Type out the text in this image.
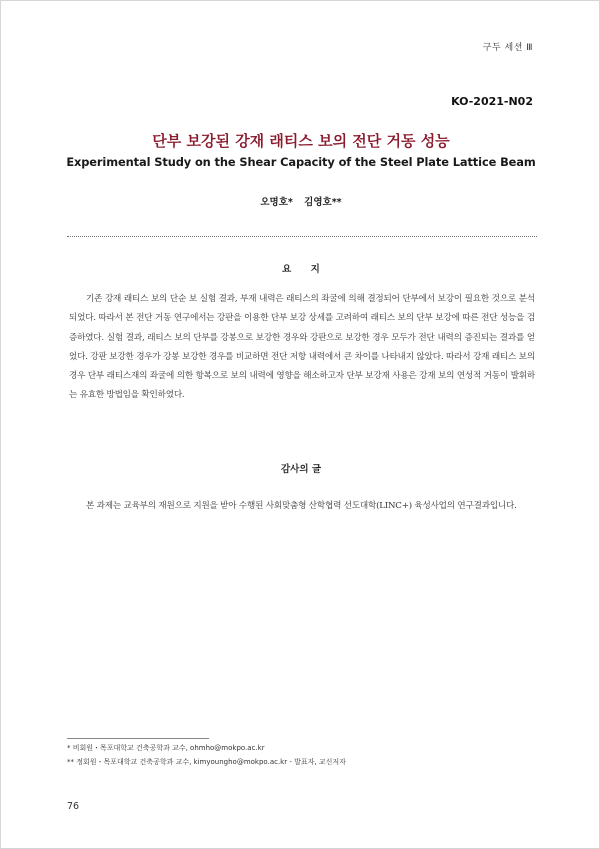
구두 세션 Ⅲ
KO-2021-N02
단부 보강된 강재 래티스 보의 전단 거동 성능
Experimental Study on the Shear Capacity of the Steel Plate Lattice Beam
오명호* 김영호**
요 지

기존 강재 래티스 보의 단순 보 실험 결과, 부재 내력은 래티스의 좌굴에 의해 결정되어 단부에서 보강이 필요한 것으로 분석되었다. 따라서 본 전단 거동 연구에서는 강판을 이용한 단부 보강 상세를 고려하여 래티스 보의 단부 보강에 따른 전단 성능을 검증하였다. 실험 결과, 래티스 보의 단부를 강봉으로 보강한 경우와 강판으로 보강한 경우 모두가 전단 내력의 증진되는 결과를 얻었다. 강판 보강한 경우가 강봉 보강한 경우를 비교하면 전단 저항 내력에서 큰 차이를 나타내지 않았다. 따라서 강재 래티스 보의 경우 단부 래티스재의 좌굴에 의한 항복으로 보의 내력에 영향을 해소하고자 단부 보강재 사용은 강재 보의 연성적 거동이 발휘하는 유효한 방법임을 확인하였다.

감사의 글

본 과제는 교육부의 재원으로 지원을 받아 수행된 사회맞춤형 산학협력 선도대학(LINC+) 육성사업의 연구결과입니다.

* 비회원・목포대학교 건축공학과 교수, ohmho@mokpo.ac.kr
** 정회원・목포대학교 건축공학과 교수, kimyoungho@mokpo.ac.kr - 발표자, 교신저자
76
